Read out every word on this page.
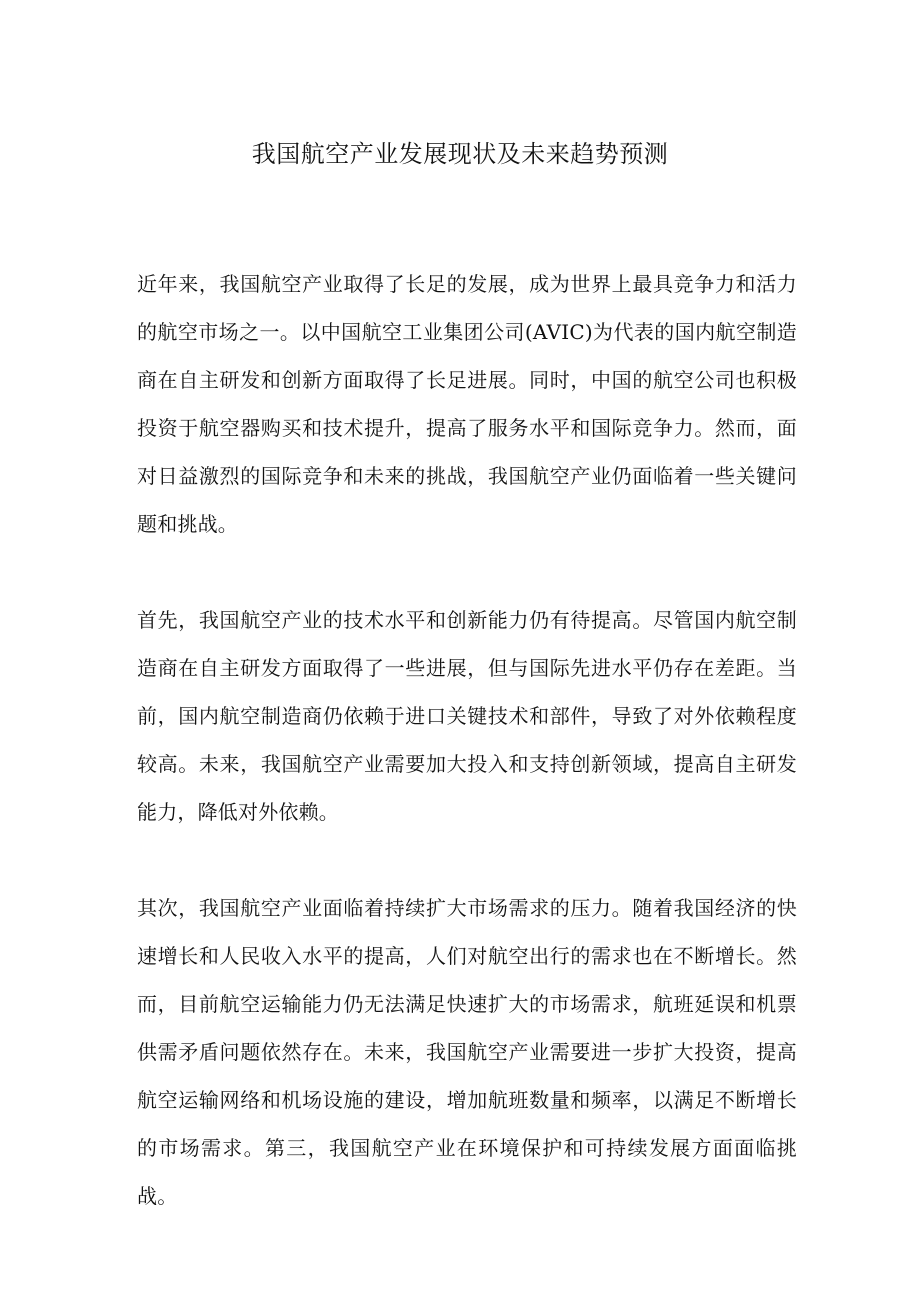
我国航空产业发展现状及未来趋势预测

近年来，我国航空产业取得了长足的发展，成为世界上最具竞争力和活力的航空市场之一。以中国航空工业集团公司(AVIC)为代表的国内航空制造商在自主研发和创新方面取得了长足进展。同时，中国的航空公司也积极投资于航空器购买和技术提升，提高了服务水平和国际竞争力。然而，面对日益激烈的国际竞争和未来的挑战，我国航空产业仍面临着一些关键问题和挑战。

首先，我国航空产业的技术水平和创新能力仍有待提高。尽管国内航空制造商在自主研发方面取得了一些进展，但与国际先进水平仍存在差距。当前，国内航空制造商仍依赖于进口关键技术和部件，导致了对外依赖程度较高。未来，我国航空产业需要加大投入和支持创新领域，提高自主研发能力，降低对外依赖。

其次，我国航空产业面临着持续扩大市场需求的压力。随着我国经济的快速增长和人民收入水平的提高，人们对航空出行的需求也在不断增长。然而，目前航空运输能力仍无法满足快速扩大的市场需求，航班延误和机票供需矛盾问题依然存在。未来，我国航空产业需要进一步扩大投资，提高航空运输网络和机场设施的建设，增加航班数量和频率，以满足不断增长的市场需求。第三，我国航空产业在环境保护和可持续发展方面面临挑战。
